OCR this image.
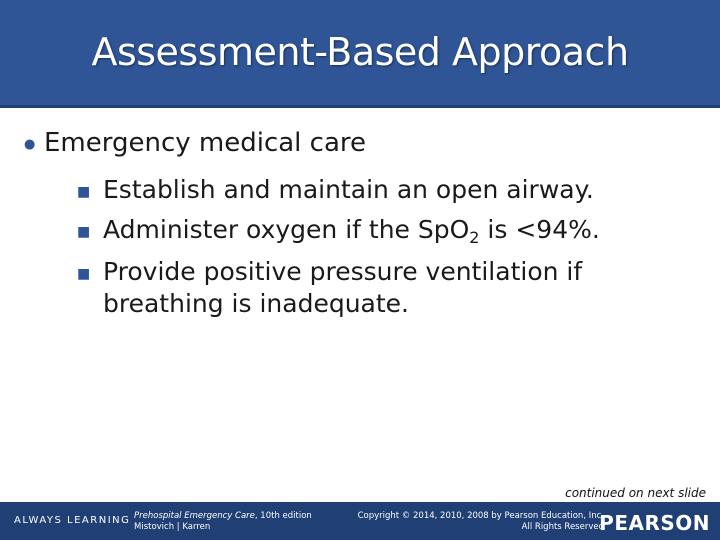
Assessment-Based Approach
● Emergency medical care
■ Establish and maintain an open airway.
■ Administer oxygen if the SpO$_2$ is <94%.
■ Provide positive pressure ventilation if
breathing is inadequate.
continued on next slide
ALWAYS LEARNING Prehospital Emergency Care, 10th edition
Mistovich | Karren
Copyright © 2014, 2010, 2008 by Pearson Education, Inc.
All Rights Reserved
PEARSON
